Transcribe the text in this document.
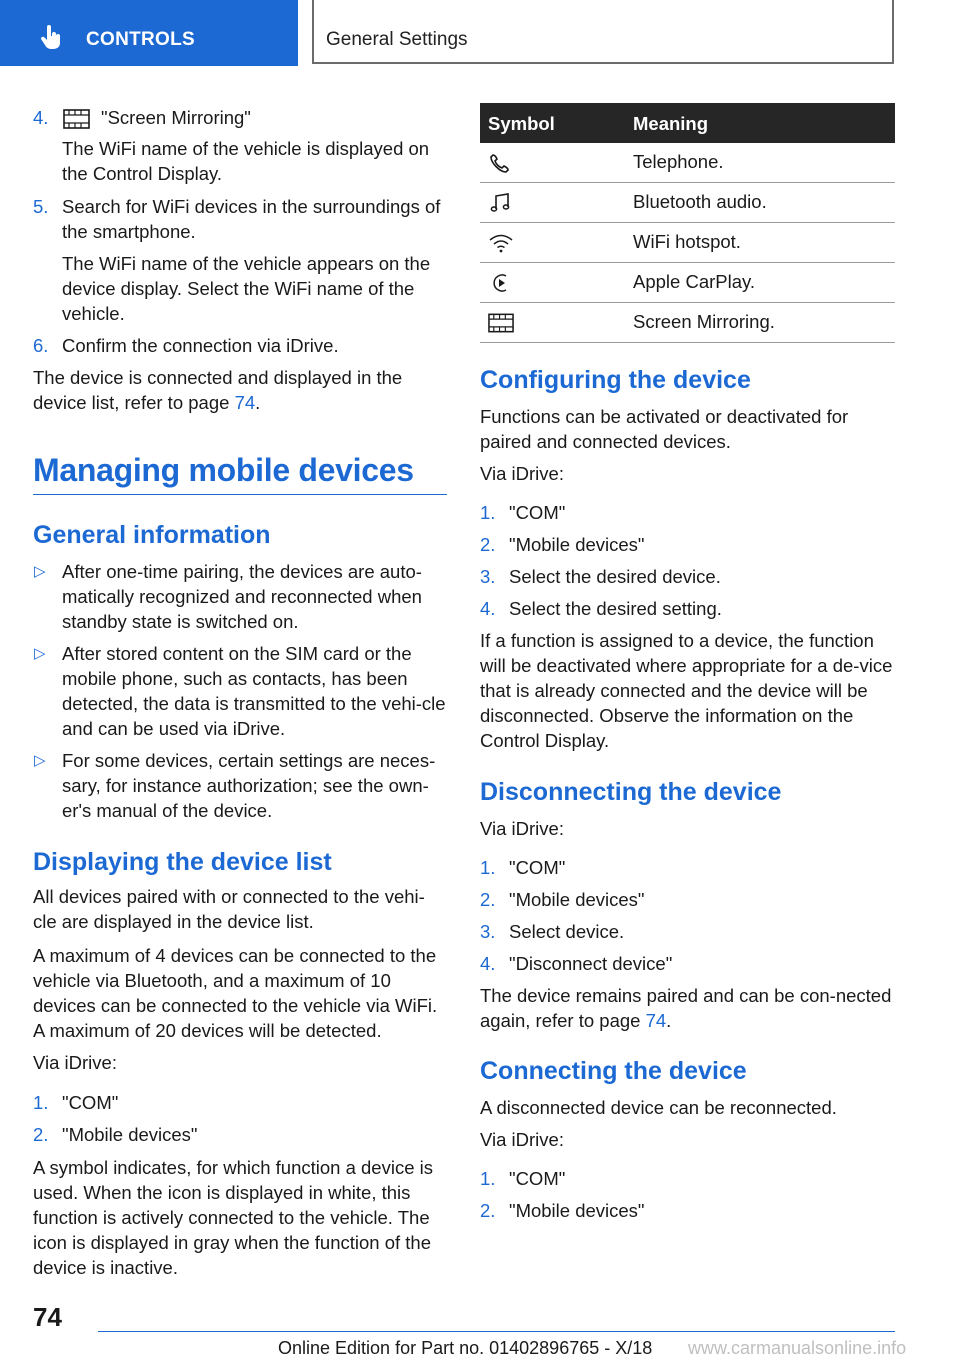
CONTROLS	General Settings
4.	"Screen Mirroring"
The WiFi name of the vehicle is displayed on the Control Display.
5. Search for WiFi devices in the surroundings of the smartphone.
The WiFi name of the vehicle appears on the device display. Select the WiFi name of the vehicle.
6. Confirm the connection via iDrive.

The device is connected and displayed in the device list, refer to page 74.

Managing mobile devices
General information
▷ After one-time pairing, the devices are auto-matically recognized and reconnected when standby state is switched on.
▷ After stored content on the SIM card or the mobile phone, such as contacts, has been detected, the data is transmitted to the vehi-cle and can be used via iDrive.
▷ For some devices, certain settings are neces-sary, for instance authorization; see the own-er's manual of the device.
Displaying the device list
All devices paired with or connected to the vehi-cle are displayed in the device list.
A maximum of 4 devices can be connected to the vehicle via Bluetooth, and a maximum of 10 devices can be connected to the vehicle via WiFi. A maximum of 20 devices will be detected.
Via iDrive:
1. "COM"
2. "Mobile devices"
A symbol indicates, for which function a device is used. When the icon is displayed in white, this function is actively connected to the vehicle. The icon is displayed in gray when the function of the device is inactive.
Symbol	Meaning
Telephone.
Bluetooth audio.
WiFi hotspot.
Apple CarPlay.
Screen Mirroring.
Configuring the device
Functions can be activated or deactivated for paired and connected devices.
Via iDrive:
1. "COM"
2. "Mobile devices"
3. Select the desired device.
4. Select the desired setting.
If a function is assigned to a device, the function will be deactivated where appropriate for a de-vice that is already connected and the device will be disconnected. Observe the information on the Control Display.
Disconnecting the device
Via iDrive:
1. "COM"
2. "Mobile devices"
3. Select device.
4. "Disconnect device"

The device remains paired and can be con-nected again, refer to page 74.

Connecting the device
A disconnected device can be reconnected.
Via iDrive:
1. "COM"
2. "Mobile devices"
74
Online Edition for Part no. 01402896765 - X/18 www.carmanualsonline.info
